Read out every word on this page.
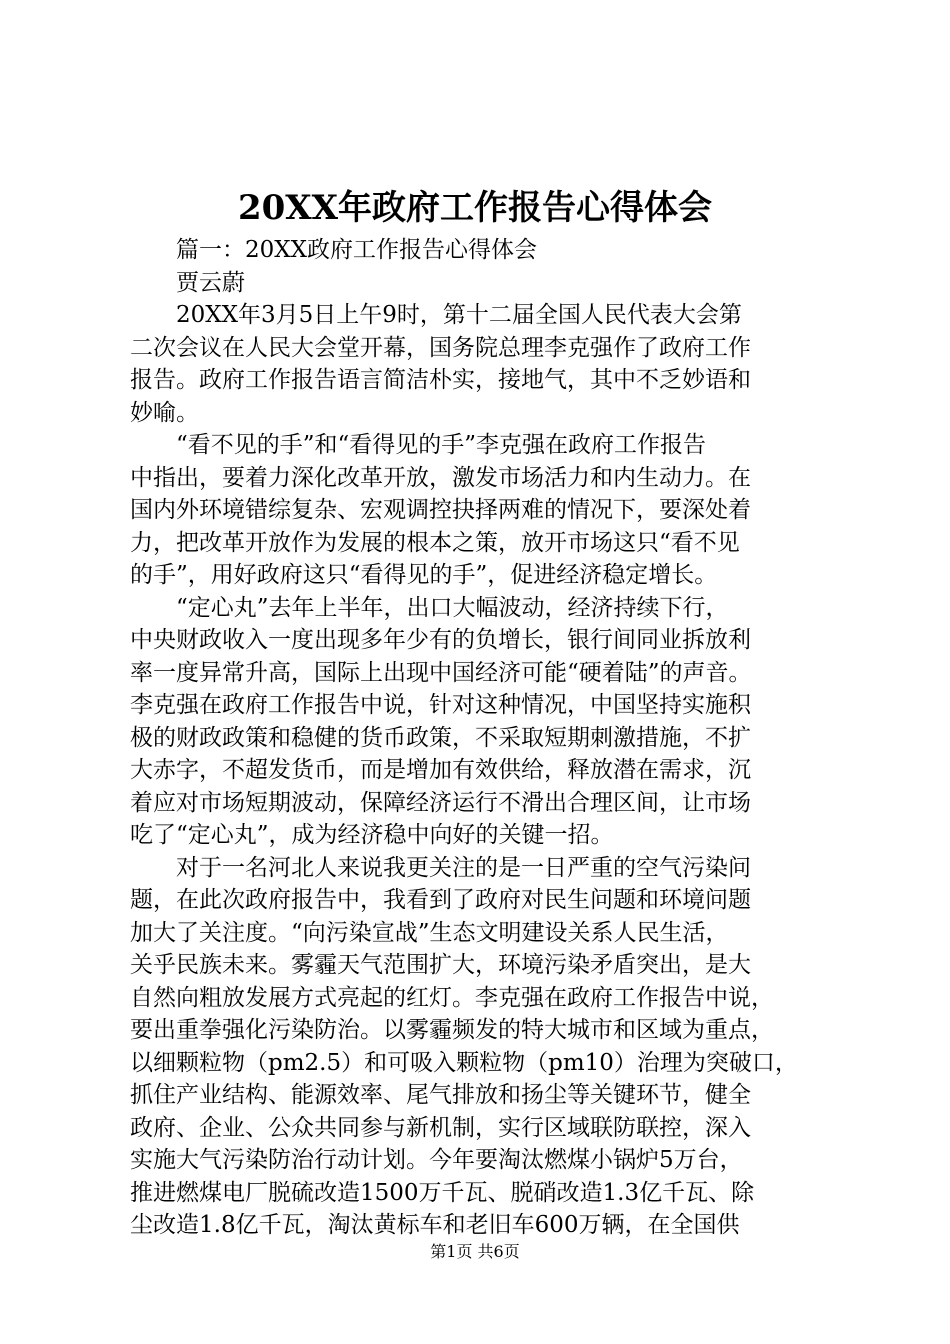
20XX年政府工作报告心得体会
篇一：20XX政府工作报告心得体会
贾云蔚
20XX年3月5日上午9时，第十二届全国人民代表大会第
二次会议在人民大会堂开幕，国务院总理李克强作了政府工作
报告。政府工作报告语言简洁朴实，接地气，其中不乏妙语和
妙喻。
“看不见的手”和“看得见的手”李克强在政府工作报告
中指出，要着力深化改革开放，激发市场活力和内生动力。在
国内外环境错综复杂、宏观调控抉择两难的情况下，要深处着
力，把改革开放作为发展的根本之策，放开市场这只“看不见
的手”，用好政府这只“看得见的手”，促进经济稳定增长。
“定心丸”去年上半年，出口大幅波动，经济持续下行，
中央财政收入一度出现多年少有的负增长，银行间同业拆放利
率一度异常升高，国际上出现中国经济可能“硬着陆”的声音。
李克强在政府工作报告中说，针对这种情况，中国坚持实施积
极的财政政策和稳健的货币政策，不采取短期刺激措施，不扩
大赤字，不超发货币，而是增加有效供给，释放潜在需求，沉
着应对市场短期波动，保障经济运行不滑出合理区间，让市场
吃了“定心丸”，成为经济稳中向好的关键一招。
对于一名河北人来说我更关注的是一日严重的空气污染问
题，在此次政府报告中，我看到了政府对民生问题和环境问题
加大了关注度。“向污染宣战”生态文明建设关系人民生活，
关乎民族未来。雾霾天气范围扩大，环境污染矛盾突出，是大
自然向粗放发展方式亮起的红灯。李克强在政府工作报告中说，
要出重拳强化污染防治。以雾霾频发的特大城市和区域为重点，
以细颗粒物（pm2.5）和可吸入颗粒物（pm10）治理为突破口，
抓住产业结构、能源效率、尾气排放和扬尘等关键环节，健全
政府、企业、公众共同参与新机制，实行区域联防联控，深入
实施大气污染防治行动计划。今年要淘汰燃煤小锅炉5万台，
推进燃煤电厂脱硫改造1500万千瓦、脱硝改造1.3亿千瓦、除
尘改造1.8亿千瓦，淘汰黄标车和老旧车600万辆，在全国供
第1页 共6页
